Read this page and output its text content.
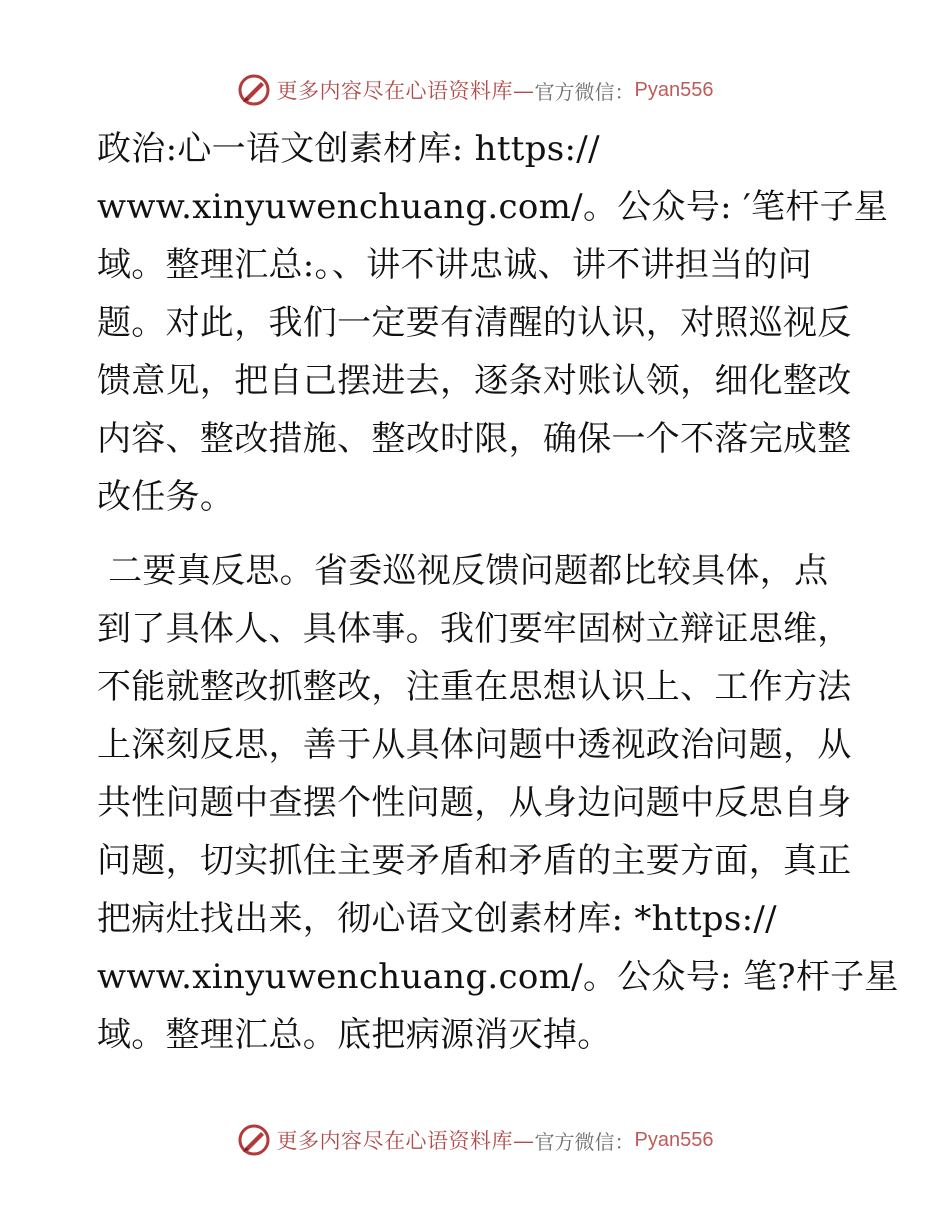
更多内容尽在心语资料库— 官方微信： Pyan556
政治:心一语文创素材库: https://
www.xinyuwenchuang.com/。公众号: ′笔杆子星
域。整理汇总:。、讲不讲忠诚、讲不讲担当的问
题。对此，我们一定要有清醒的认识，对照巡视反
馈意见，把自己摆进去，逐条对账认领，细化整改
内容、整改措施、整改时限，确保一个不落完成整
改任务。
二要真反思。省委巡视反馈问题都比较具体，点
到了具体人、具体事。我们要牢固树立辩证思维，
不能就整改抓整改，注重在思想认识上、工作方法
上深刻反思，善于从具体问题中透视政治问题，从
共性问题中查摆个性问题，从身边问题中反思自身
问题，切实抓住主要矛盾和矛盾的主要方面，真正
把病灶找出来，彻心语文创素材库: *https://
www.xinyuwenchuang.com/。公众号: 笔?杆子星
域。整理汇总。底把病源消灭掉。
更多内容尽在心语资料库— 官方微信： Pyan556
